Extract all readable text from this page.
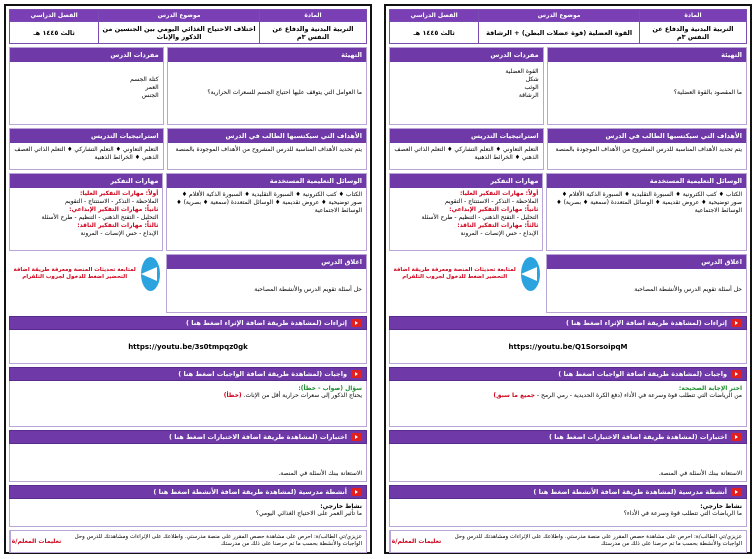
المادة	موضوع الدرس	الفصل الدراسي
التربية البدنية والدفاع عن النفس ٣م	اختلاف الاحتياج الغذائي اليومي بين الجنسين من الذكور والإناث	ثالث ١٤٤٥ هـ
التهيئة
ما العوامل التي يتوقف عليها احتياج الجسم للسعرات الحرارية؟
مفردات الدرس
كتلة الجسم
العمر
الجنس
الأهداف التي سيكتسبها الطالب في الدرس
يتم تحديد الأهداف المناسبة للدرس المشروح من الأهداف الموجودة بالمنصة
استراتيجيات التدريس
التعلم التعاوني ♦ التعلم التشاركي ♦ التعلم الذاتي العصف الذهني ♦ الخرائط الذهنية
الوسائل التعليمية المستخدمة
الكتاب ♦ كتب الكترونية ♦ السبورة التقليدية ♦ السبورة الذكية الأقلام ♦ صور توضيحية ♦ عروض تقديمية ♦ الوسائل المتعددة (سمعية ♦ بصرية) ♦ الوسائط الاجتماعية
اغلاق الدرس
حل أسئلة تقويم الدرس والأنشطة المصاحبة
مهارات التفكير
أولاً: مهارات التفكير العليا:
الملاحظة - التذكر - الاستنتاج - التقويم
ثانياً: مهارات التفكير الإبداعي:
التحليل - التفتح الذهني - التنظيم - طرح الأسئلة
ثالثاً: مهارات التفكير الناقد:
الإبداع - حس الإنصات - المرونة
لمتابعة تحديثات المنصة ومعرفة طريقة اضافة التحضير اضغط للدخول لجروب التلقرام
إثراءات (لمشاهدة طريقة اضافة الإثراء اضغط هنا )
https://youtu.be/3s0tmpqz0gk
واجبات (لمشاهدة طريقة اضافة الواجبات اضغط هنا )
سؤال (صواب - خطأ):
يحتاج الذكور إلى سعرات حرارية أقل من الإناث. (خطأ)
اختبارات (لمشاهدة طريقة اضافة الاختبارات اضغط هنا )
الاستعانة ببنك الأسئلة في المنصة.
أنشطة مدرسية (لمشاهدة طريقة اضافة الأنشطة اضغط هنا )
نشاط خارجي:
ما تأثير العمر على الاحتياج الغذائي اليومي؟
عزيزي/تي الطالب/ة: احرص على مشاهدة حصص المقرر على منصة مدرستي. واطلاعك على الإثراءات ومشاهدتك للدرس وحل الواجبات والأنشطة بحسب ما تم حرصنا على ذلك من مدرستك
تعليمات المعلم/ة
المادة	موضوع الدرس	الفصل الدراسي
التربية البدنية والدفاع عن النفس ٣م	القوة العضلية (قوة عضلات البطن) + الرشاقة	ثالث ١٤٤٥ هـ
التهيئة
ما المقصود بالقوة العضلية؟
مفردات الدرس
القوة العضلية
شكل
الوثب
الرشاقة
الأهداف التي سيكتسبها الطالب في الدرس
يتم تحديد الأهداف المناسبة للدرس المشروح من الأهداف الموجودة بالمنصة
استراتيجيات التدريس
التعلم التعاوني ♦ التعلم التشاركي ♦ التعلم الذاتي العصف الذهني ♦ الخرائط الذهنية
الوسائل التعليمية المستخدمة
الكتاب ♦ كتب الكترونية ♦ السبورة التقليدية ♦ السبورة الذكية الأقلام ♦ صور توضيحية ♦ عروض تقديمية ♦ الوسائل المتعددة (سمعية ♦ بصرية) ♦ الوسائط الاجتماعية
اغلاق الدرس
حل أسئلة تقويم الدرس والأنشطة المصاحبة
مهارات التفكير
أولاً: مهارات التفكير العليا:
الملاحظة - التذكر - الاستنتاج - التقويم
ثانياً: مهارات التفكير الإبداعي:
التحليل - التفتح الذهني - التنظيم - طرح الأسئلة
ثالثاً: مهارات التفكير الناقد:
الإبداع - حس الإنصات - المرونة
لمتابعة تحديثات المنصة ومعرفة طريقة اضافة التحضير اضغط للدخول لجروب التلقرام
إثراءات (لمشاهدة طريقة اضافة الإثراء اضغط هنا )
https://youtu.be/Q1SorsoipqM
واجبات (لمشاهدة طريقة اضافة الواجبات اضغط هنا )
اختر الإجابة الصحيحة:
من الرياضات التي تتطلب قوة وسرعة في الأداء (دفع الكرة الحديدية - رمي الرمح - جميع ما سبق)
اختبارات (لمشاهدة طريقة اضافة الاختبارات اضغط هنا )
الاستعانة ببنك الأسئلة في المنصة.
أنشطة مدرسية (لمشاهدة طريقة اضافة الأنشطة اضغط هنا )
نشاط خارجي:
ما الرياضات التي تتطلب قوة وسرعة في الأداء؟
عزيزي/تي الطالب/ة: احرص على مشاهدة حصص المقرر على منصة مدرستي. واطلاعك على الإثراءات ومشاهدتك للدرس وحل الواجبات والأنشطة بحسب ما تم حرصنا على ذلك من مدرستك
تعليمات المعلم/ة
